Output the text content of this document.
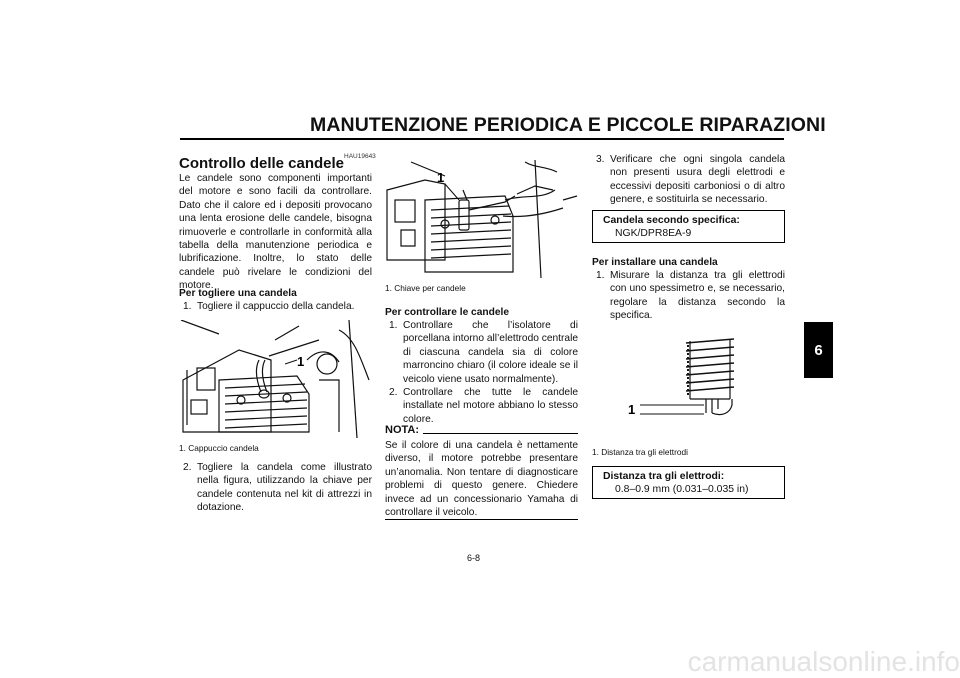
MANUTENZIONE PERIODICA E PICCOLE RIPARAZIONI
6
HAU19643
Controllo delle candele
Le candele sono componenti importanti del motore e sono facili da controllare. Dato che il calore ed i depositi provocano una lenta erosione delle candele, bisogna rimuoverle e controllarle in conformità alla tabella della manutenzione periodica e lubrificazione. Inoltre, lo stato delle candele può rivelare le condizioni del motore.
Per togliere una candela
1. Togliere il cappuccio della candela.
1
1. Cappuccio candela
2. Togliere la candela come illustrato nella figura, utilizzando la chiave per candele contenuta nel kit di attrezzi in dotazione.
1
1. Chiave per candele
Per controllare le candele
1. Controllare che l’isolatore di porcellana intorno all’elettrodo centrale di ciascuna candela sia di colore marroncino chiaro (il colore ideale se il veicolo viene usato normalmente).
2. Controllare che tutte le candele installate nel motore abbiano lo stesso colore.
NOTA:
Se il colore di una candela è nettamente diverso, il motore potrebbe presentare un’anomalia. Non tentare di diagnosticare problemi di questo genere. Chiedere invece ad un concessionario Yamaha di controllare il veicolo.
3. Verificare che ogni singola candela non presenti usura degli elettrodi e eccessivi depositi carboniosi o di altro genere, e sostituirla se necessario.
Candela secondo specifica:
NGK/DPR8EA-9
Per installare una candela
1. Misurare la distanza tra gli elettrodi con uno spessimetro e, se necessario, regolare la distanza secondo la specifica.
1
1. Distanza tra gli elettrodi
Distanza tra gli elettrodi:
0.8–0.9 mm (0.031–0.035 in)
6-8
carmanualsonline.info
